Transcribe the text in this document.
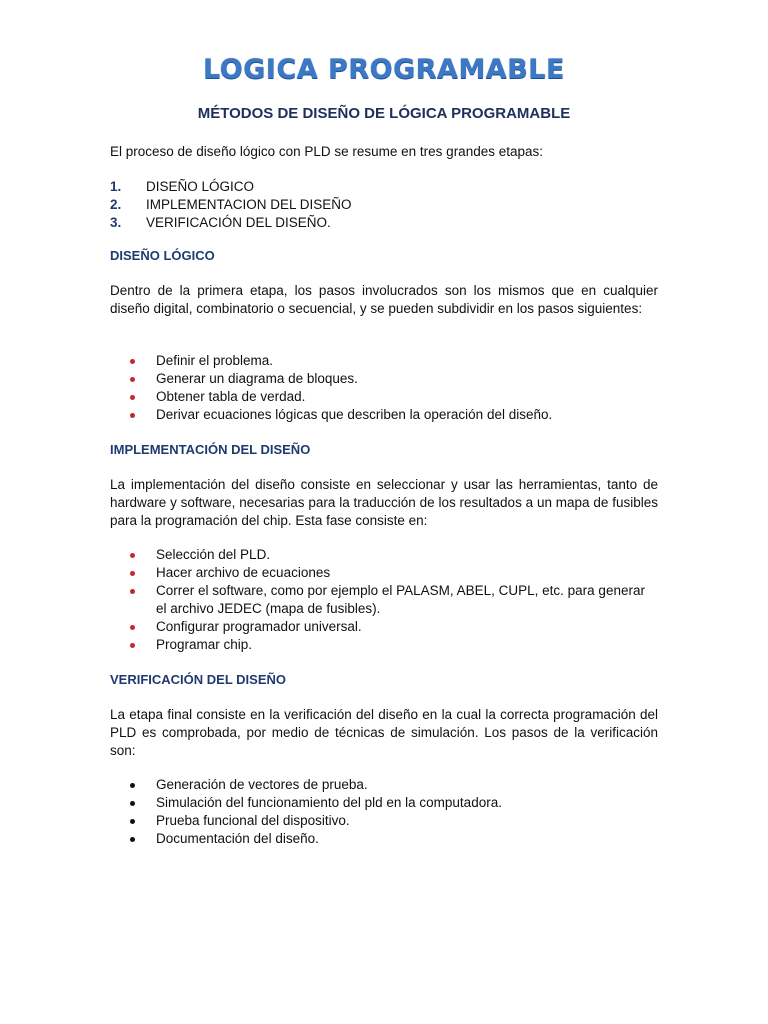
LOGICA PROGRAMABLE
MÉTODOS DE DISEÑO DE LÓGICA PROGRAMABLE

El proceso de diseño lógico con PLD se resume en tres grandes etapas:

1. DISEÑO LÓGICO
2. IMPLEMENTACION DEL DISEÑO
3. VERIFICACIÓN DEL DISEÑO.
DISEÑO LÓGICO

Dentro de la primera etapa, los pasos involucrados son los mismos que en cualquier diseño digital, combinatorio o secuencial, y se pueden subdividir en los pasos siguientes:

Definir el problema.
Generar un diagrama de bloques.
Obtener tabla de verdad.
Derivar ecuaciones lógicas que describen la operación del diseño.
IMPLEMENTACIÓN DEL DISEÑO

La implementación del diseño consiste en seleccionar y usar las herramientas, tanto de hardware y software, necesarias para la traducción de los resultados a un mapa de fusibles para la programación del chip. Esta fase consiste en:

Selección del PLD.
Hacer archivo de ecuaciones
Correr el software, como por ejemplo el PALASM, ABEL, CUPL, etc. para generar el archivo JEDEC (mapa de fusibles).
Configurar programador universal.
Programar chip.
VERIFICACIÓN DEL DISEÑO

La etapa final consiste en la verificación del diseño en la cual la correcta programación del PLD es comprobada, por medio de técnicas de simulación. Los pasos de la verificación son:

Generación de vectores de prueba.
Simulación del funcionamiento del pld en la computadora.
Prueba funcional del dispositivo.
Documentación del diseño.
